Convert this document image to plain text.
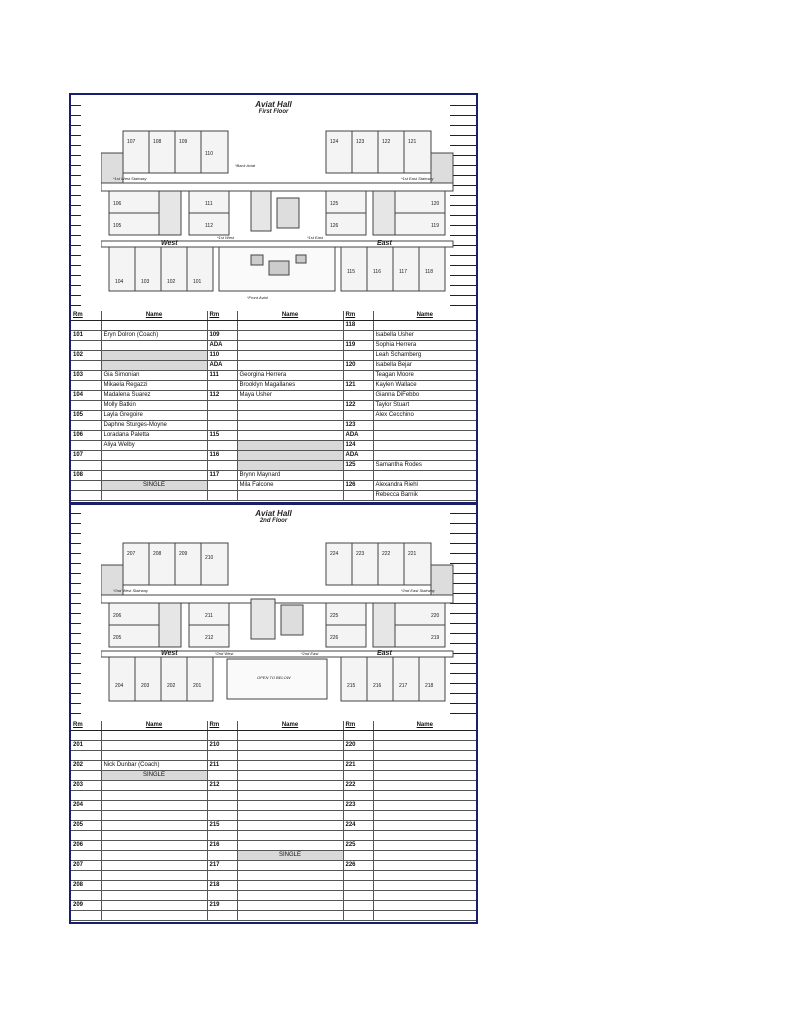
Aviat Hall
First Floor
107	108	109
110
106
105
111
112
104	103	102	101
124	123	122	121
125
126
120
119
115	116	117	118
*1st West Stairway	*1st East Stairway
*Back Aviat
*1st West	*1st East
*Front Aviat
West	East
Rm	Name	Rm	Name	Rm	Name
				118	
101	Eryn Dolron (Coach)	109			Isabella Usher
		ADA		119	Sophia Herrera
102		110			Leah Schamberg
		ADA		120	Isabella Bejar
103	Gia Simonian	111	Georgina Herrera		Teagan Moore
	Mikaela Regazzi		Brooklyn Magallanes	121	Kaylen Wallace
104	Madalena Suarez	112	Maya Usher		Gianna DiFebbo
	Molly Batkin			122	Taylor Stuart
105	Layla Gregoire				Alex Cecchino
	Daphne Sturges-Moyne			123	
106	Loradana Paletta	115		ADA	
	Aliya Welby			124	
107		116		ADA	
				125	Samantha Rodes
108		117	Brynn Maynard		
	SINGLE		Mila Falcone	126	Alexandra Riehl
					Rebecca Barnik
Aviat Hall
2nd Floor
207	208	209
210
206
205
211
212
204	203	202	201
224	223	222	221
225
226
220
219
215	216	217	218
*2nd West Stairway	*2nd East Stairway
*2nd West	*2nd East
OPEN TO BELOW
West	East
Rm	Name	Rm	Name	Rm	Name

201		210		220	

202	Nick Dunbar (Coach)	211		221	
	SINGLE				
203		212		222	

204				223	

205		215		224	

206		216		225	
			SINGLE		
207		217		226	

208		218			

209		219			
